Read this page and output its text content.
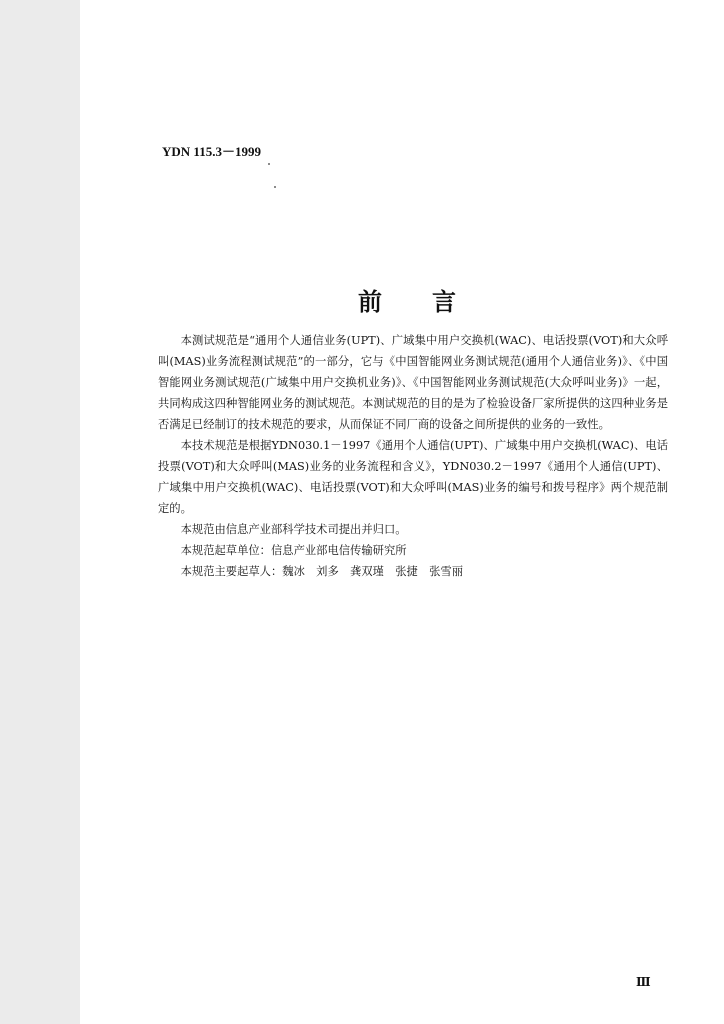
YDN 115.3－1999
前 言

本测试规范是“通用个人通信业务(UPT)、广域集中用户交换机(WAC)、电话投票(VOT)和大众呼叫(MAS)业务流程测试规范”的一部分，它与《中国智能网业务测试规范(通用个人通信业务)》、《中国智能网业务测试规范(广域集中用户交换机业务)》、《中国智能网业务测试规范(大众呼叫业务)》一起，共同构成这四种智能网业务的测试规范。本测试规范的目的是为了检验设备厂家所提供的这四种业务是否满足已经制订的技术规范的要求，从而保证不同厂商的设备之间所提供的业务的一致性。

本技术规范是根据YDN030.1－1997《通用个人通信(UPT)、广域集中用户交换机(WAC)、电话投票(VOT)和大众呼叫(MAS)业务的业务流程和含义》，YDN030.2－1997《通用个人通信(UPT)、广域集中用户交换机(WAC)、电话投票(VOT)和大众呼叫(MAS)业务的编号和拨号程序》两个规范制定的。

本规范由信息产业部科学技术司提出并归口。

本规范起草单位：信息产业部电信传输研究所

本规范主要起草人：魏冰　刘多　龚双瑾　张捷　张雪丽

Ⅲ
